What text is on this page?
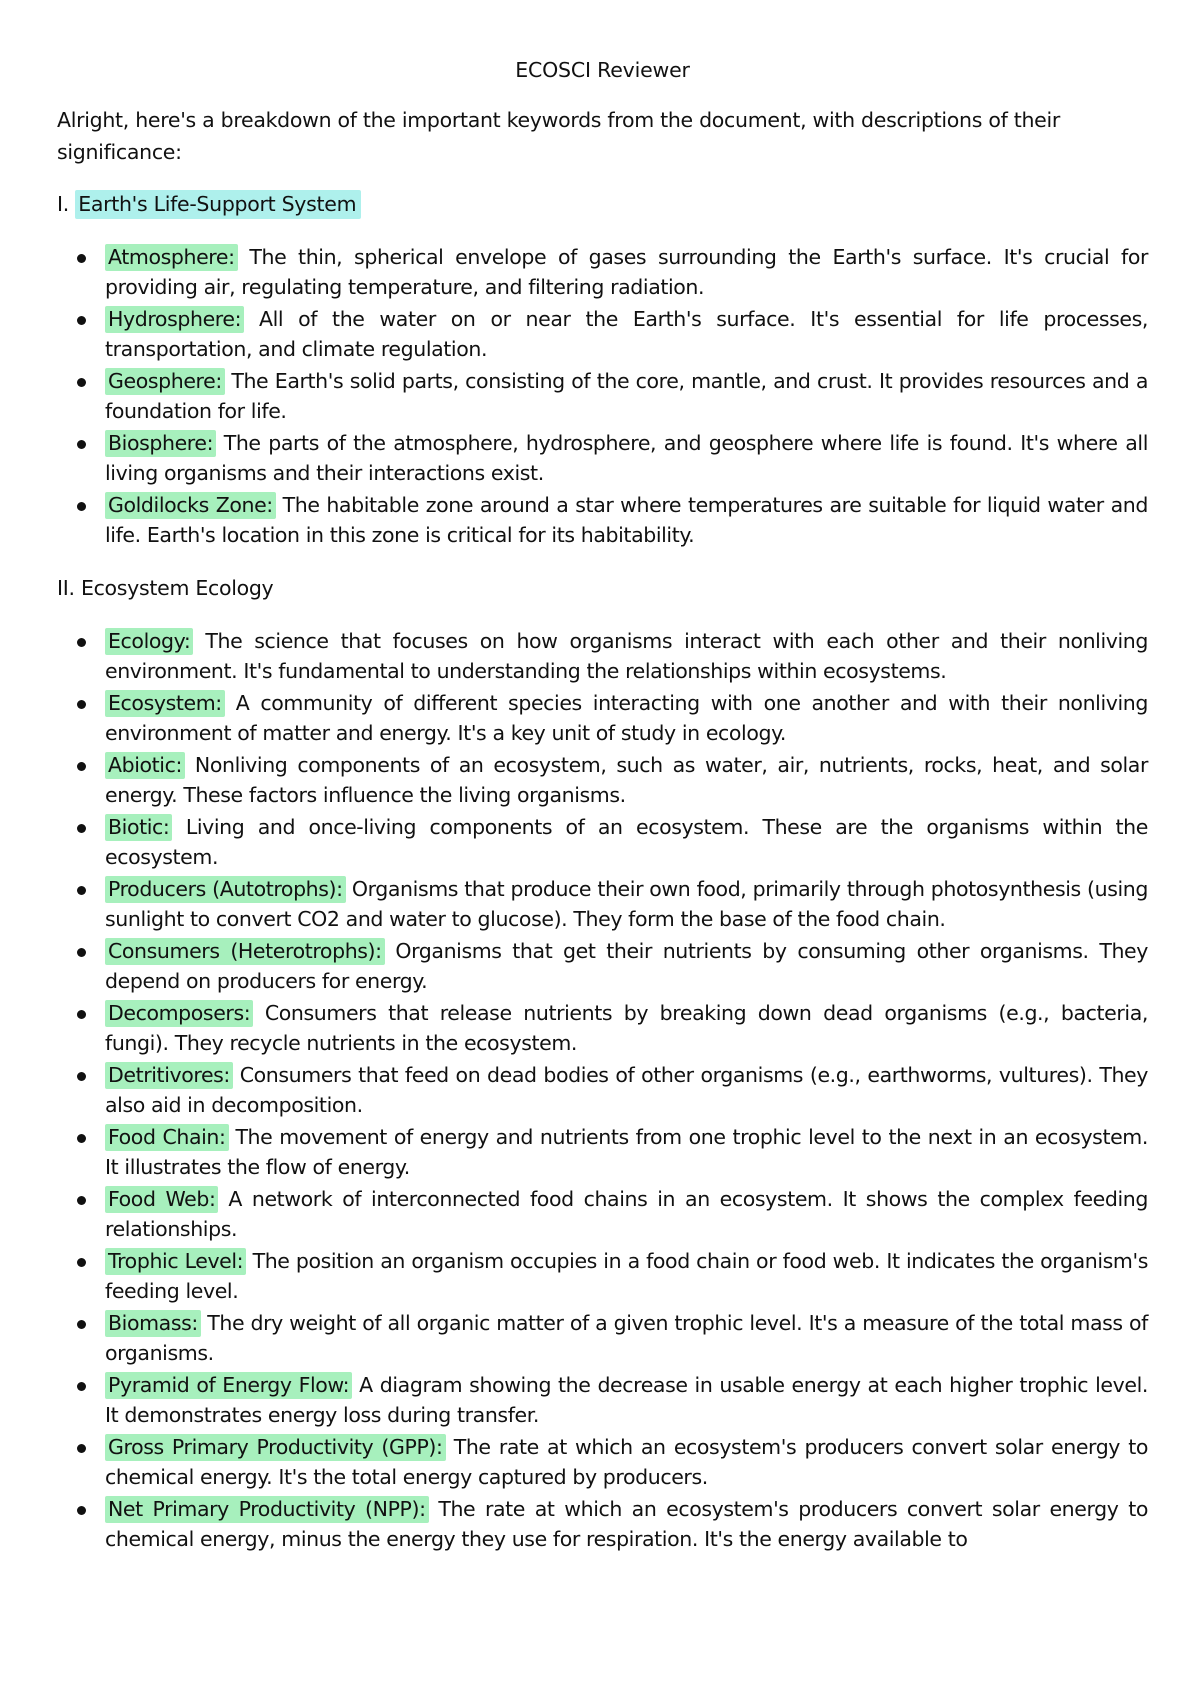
ECOSCI Reviewer
Alright, here's a breakdown of the important keywords from the document, with descriptions of their significance:
I. Earth's Life-Support System
Atmosphere: The thin, spherical envelope of gases surrounding the Earth's surface. It's crucial for providing air, regulating temperature, and filtering radiation.
Hydrosphere: All of the water on or near the Earth's surface. It's essential for life processes, transportation, and climate regulation.
Geosphere: The Earth's solid parts, consisting of the core, mantle, and crust. It provides resources and a foundation for life.
Biosphere: The parts of the atmosphere, hydrosphere, and geosphere where life is found. It's where all living organisms and their interactions exist.
Goldilocks Zone: The habitable zone around a star where temperatures are suitable for liquid water and life. Earth's location in this zone is critical for its habitability.
II. Ecosystem Ecology
Ecology: The science that focuses on how organisms interact with each other and their nonliving environment. It's fundamental to understanding the relationships within ecosystems.
Ecosystem: A community of different species interacting with one another and with their nonliving environment of matter and energy. It's a key unit of study in ecology.
Abiotic: Nonliving components of an ecosystem, such as water, air, nutrients, rocks, heat, and solar energy. These factors influence the living organisms.
Biotic: Living and once-living components of an ecosystem. These are the organisms within the ecosystem.
Producers (Autotrophs): Organisms that produce their own food, primarily through photosynthesis (using sunlight to convert CO2 and water to glucose). They form the base of the food chain.
Consumers (Heterotrophs): Organisms that get their nutrients by consuming other organisms. They depend on producers for energy.
Decomposers: Consumers that release nutrients by breaking down dead organisms (e.g., bacteria, fungi). They recycle nutrients in the ecosystem.
Detritivores: Consumers that feed on dead bodies of other organisms (e.g., earthworms, vultures). They also aid in decomposition.
Food Chain: The movement of energy and nutrients from one trophic level to the next in an ecosystem. It illustrates the flow of energy.
Food Web: A network of interconnected food chains in an ecosystem. It shows the complex feeding relationships.
Trophic Level: The position an organism occupies in a food chain or food web. It indicates the organism's feeding level.
Biomass: The dry weight of all organic matter of a given trophic level. It's a measure of the total mass of organisms.
Pyramid of Energy Flow: A diagram showing the decrease in usable energy at each higher trophic level. It demonstrates energy loss during transfer.
Gross Primary Productivity (GPP): The rate at which an ecosystem's producers convert solar energy to chemical energy. It's the total energy captured by producers.
Net Primary Productivity (NPP): The rate at which an ecosystem's producers convert solar energy to chemical energy, minus the energy they use for respiration. It's the energy available to
